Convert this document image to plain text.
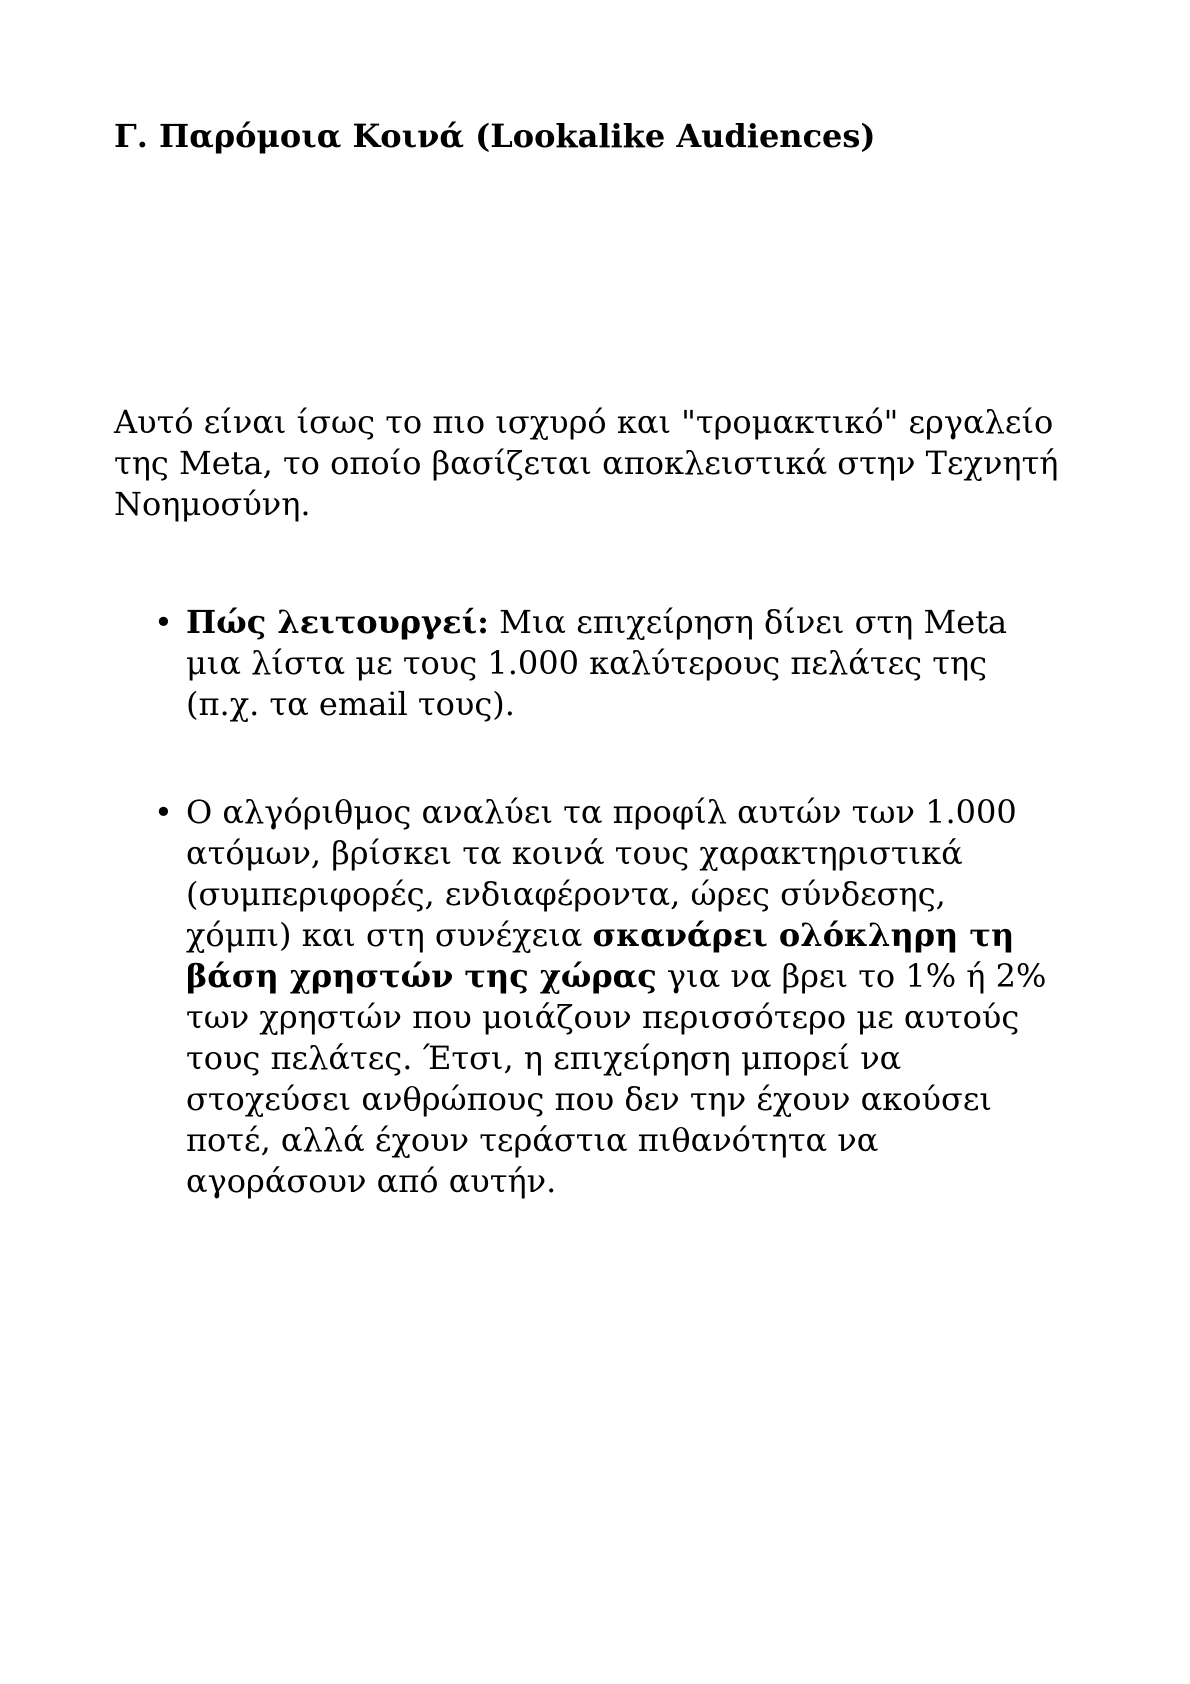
Γ. Παρόμοια Κοινά (Lookalike Audiences)

Αυτό είναι ίσως το πιο ισχυρό και "τρομακτικό" εργαλείο της Meta, το οποίο βασίζεται αποκλειστικά στην Τεχνητή Νοημοσύνη.

• Πώς λειτουργεί: Μια επιχείρηση δίνει στη Meta μια λίστα με τους 1.000 καλύτερους πελάτες της (π.χ. τα email τους).
• Ο αλγόριθμος αναλύει τα προφίλ αυτών των 1.000 ατόμων, βρίσκει τα κοινά τους χαρακτηριστικά (συμπεριφορές, ενδιαφέροντα, ώρες σύνδεσης, χόμπι) και στη συνέχεια σκανάρει ολόκληρη τη βάση χρηστών της χώρας για να βρει το 1% ή 2% των χρηστών που μοιάζουν περισσότερο με αυτούς τους πελάτες. Έτσι, η επιχείρηση μπορεί να στοχεύσει ανθρώπους που δεν την έχουν ακούσει ποτέ, αλλά έχουν τεράστια πιθανότητα να αγοράσουν από αυτήν.
